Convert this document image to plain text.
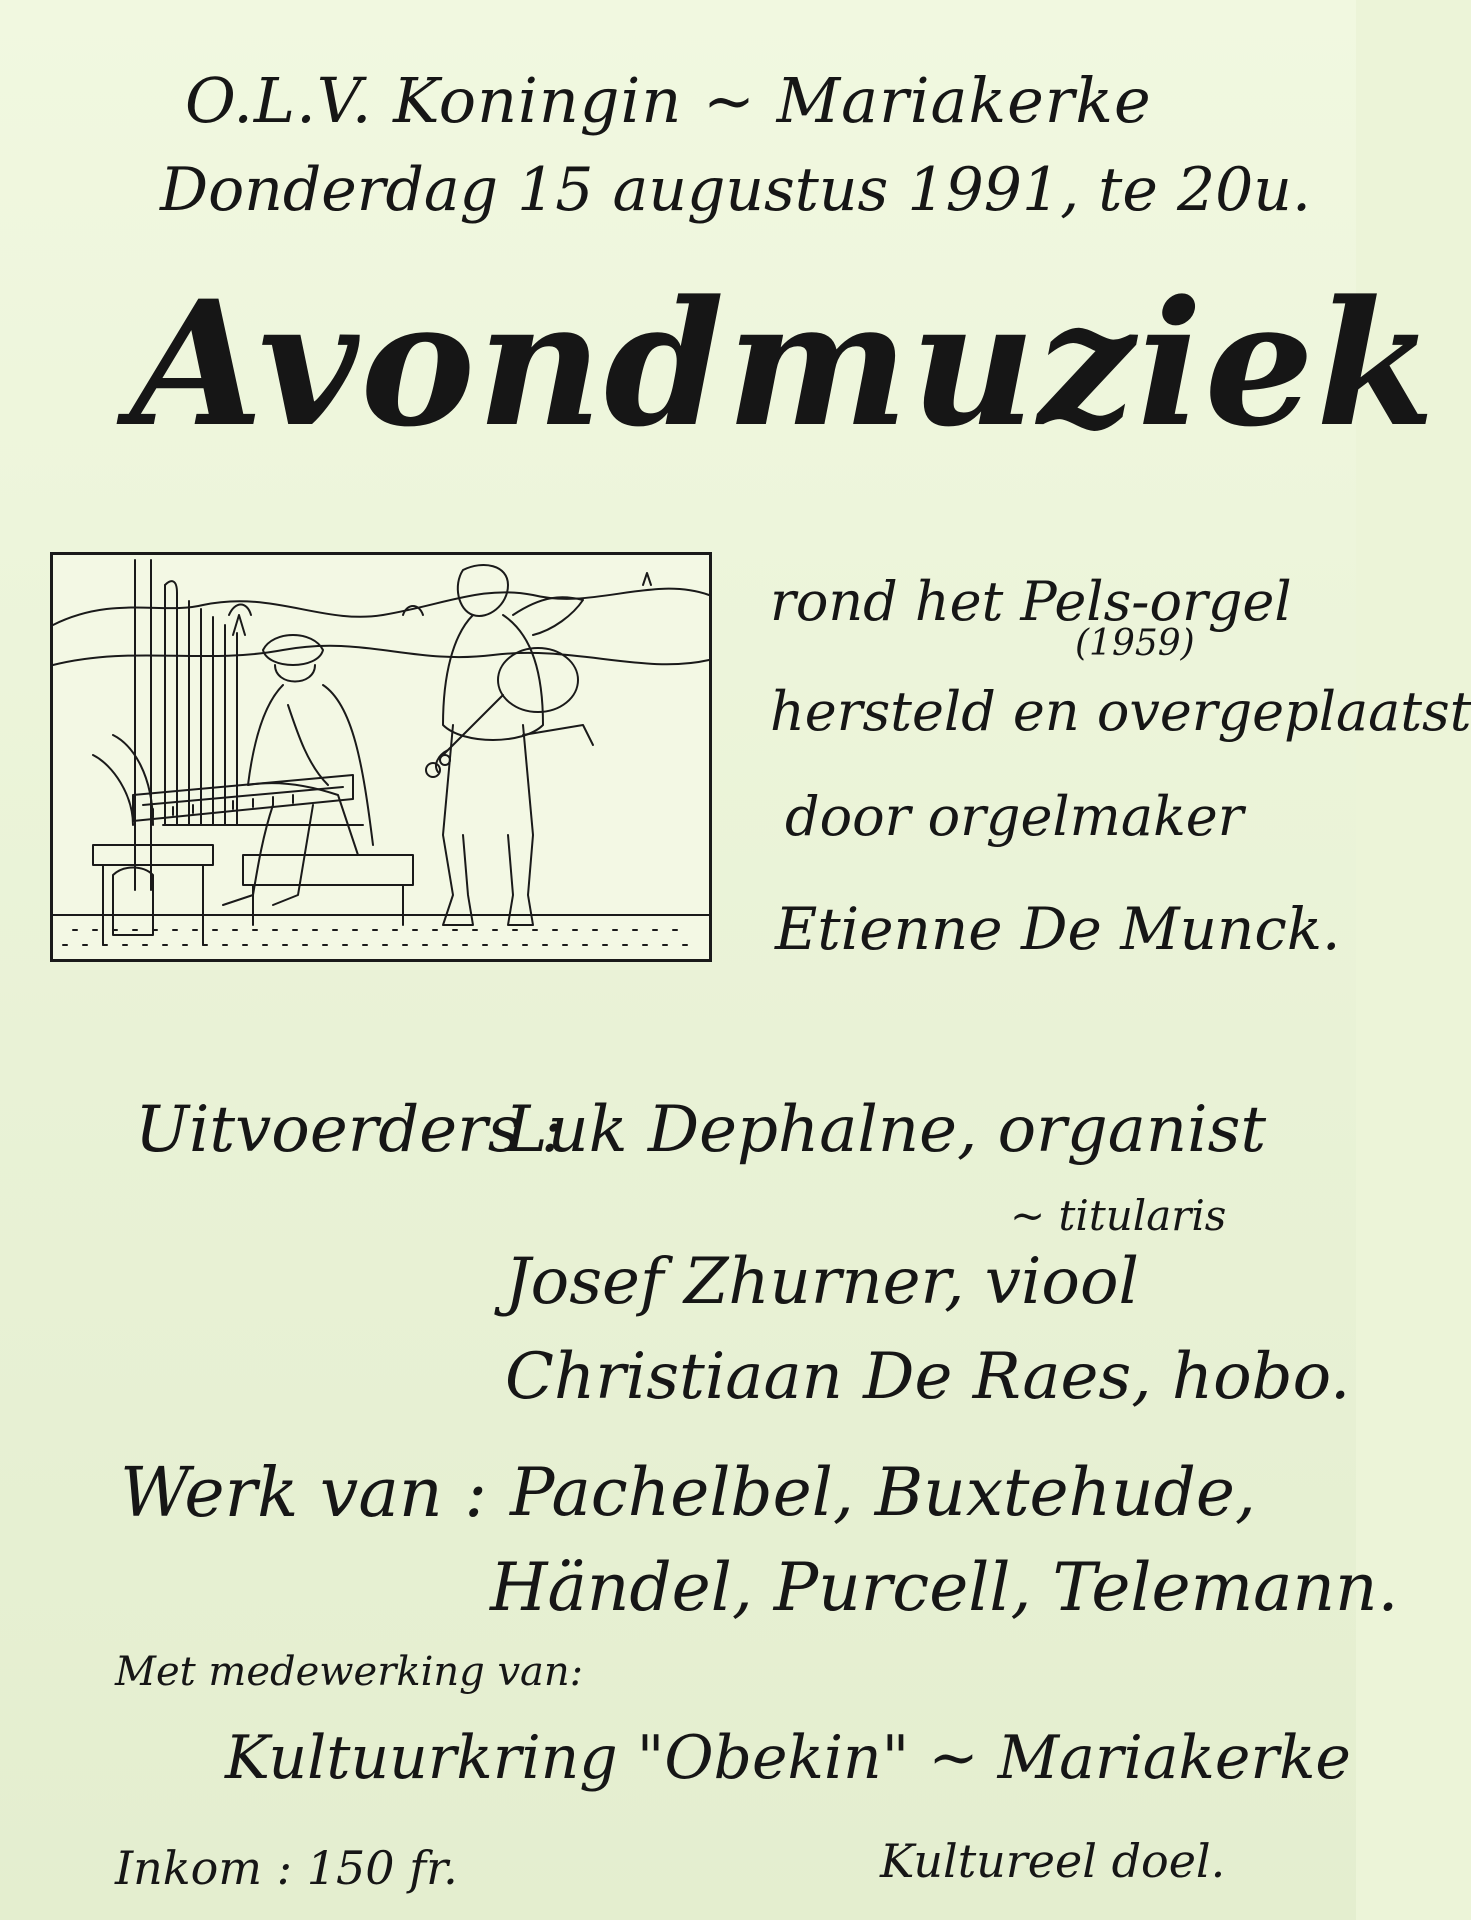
O.L.V. Koningin ~ Mariakerke
Donderdag 15 augustus 1991, te 20u.
Avondmuziek
rond het Pels-orgel
(1959)
hersteld en overgeplaatst
door orgelmaker
Etienne De Munck.
Uitvoerders :
Luk Dephalne, organist
~ titularis
Josef Zhurner, viool
Christiaan De Raes, hobo.
Werk van : Pachelbel, Buxtehude,
Händel, Purcell, Telemann.
Met medewerking van:
Kultuurkring "Obekin" ~ Mariakerke
Inkom : 150 fr.	Kultureel doel.
